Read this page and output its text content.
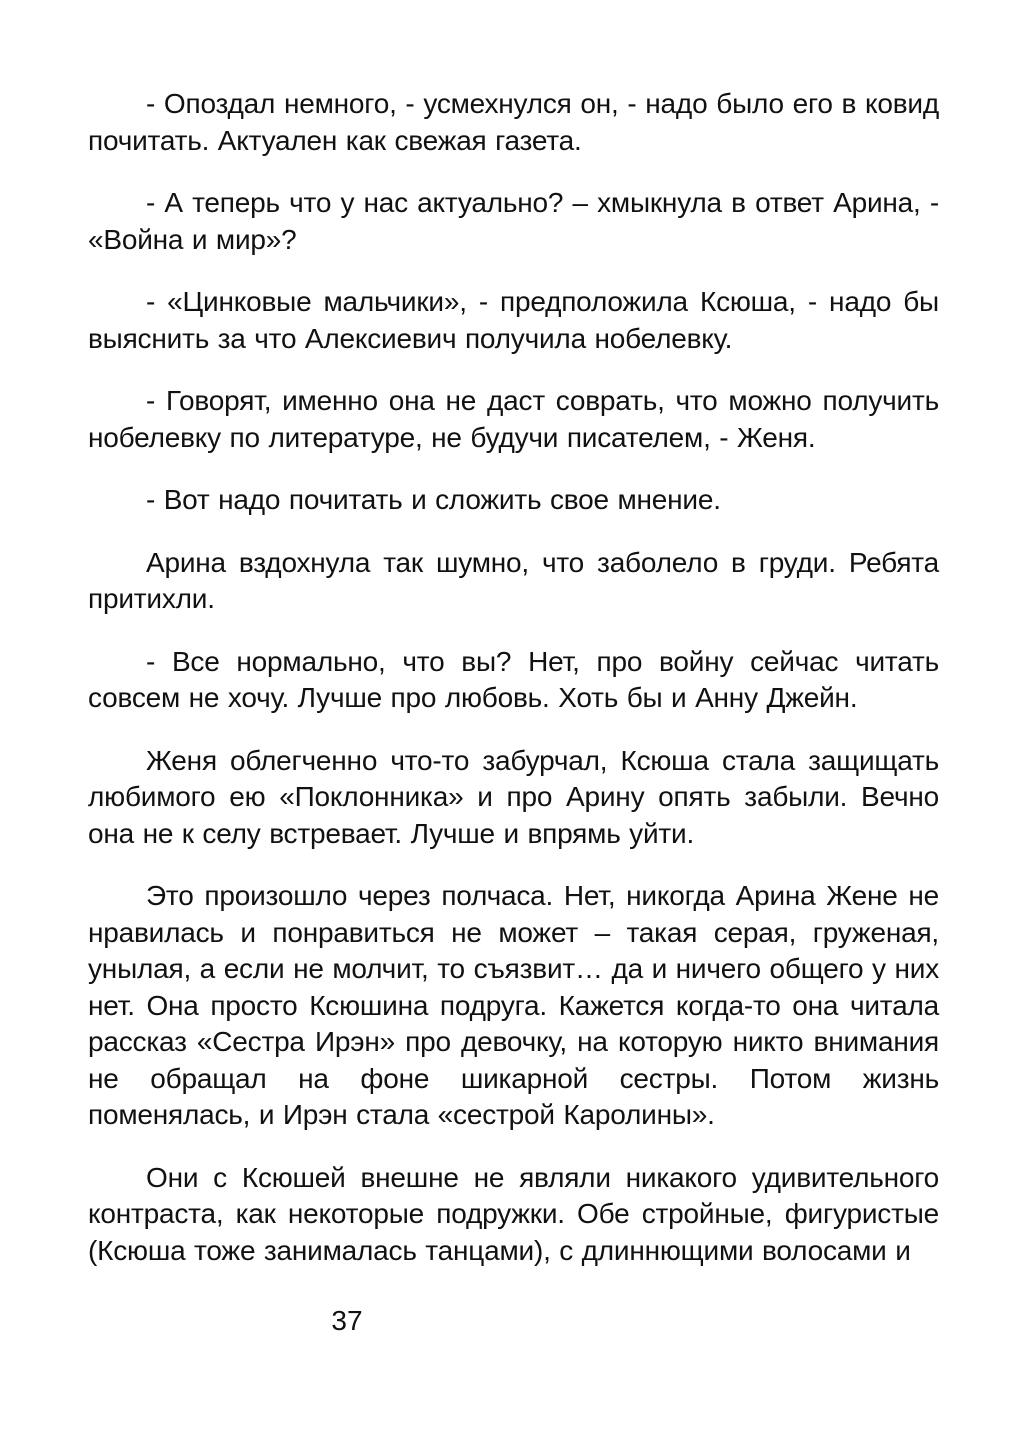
- Опоздал немного, - усмехнулся он, - надо было его в ковид почитать. Актуален как свежая газета.

- А теперь что у нас актуально? – хмыкнула в ответ Арина, - «Война и мир»?

- «Цинковые мальчики», - предположила Ксюша, - надо бы выяснить за что Алексиевич получила нобелевку.

- Говорят, именно она не даст соврать, что можно получить нобелевку по литературе, не будучи писателем, - Женя.

- Вот надо почитать и сложить свое мнение.

Арина вздохнула так шумно, что заболело в груди. Ребята притихли.

- Все нормально, что вы? Нет, про войну сейчас читать совсем не хочу. Лучше про любовь. Хоть бы и Анну Джейн.

Женя облегченно что-то забурчал, Ксюша стала защищать любимого ею «Поклонника» и про Арину опять забыли. Вечно она не к селу встревает. Лучше и впрямь уйти.

Это произошло через полчаса. Нет, никогда Арина Жене не нравилась и понравиться не может – такая серая, груженая, унылая, а если не молчит, то съязвит… да и ничего общего у них нет. Она просто Ксюшина подруга. Кажется когда-то она читала рассказ «Сестра Ирэн» про девочку, на которую никто внимания не обращал на фоне шикарной сестры. Потом жизнь поменялась, и Ирэн стала «сестрой Каролины».

Они с Ксюшей внешне не являли никакого удивительного контраста, как некоторые подружки. Обе стройные, фигуристые (Ксюша тоже занималась танцами), с длиннющими волосами и

37
